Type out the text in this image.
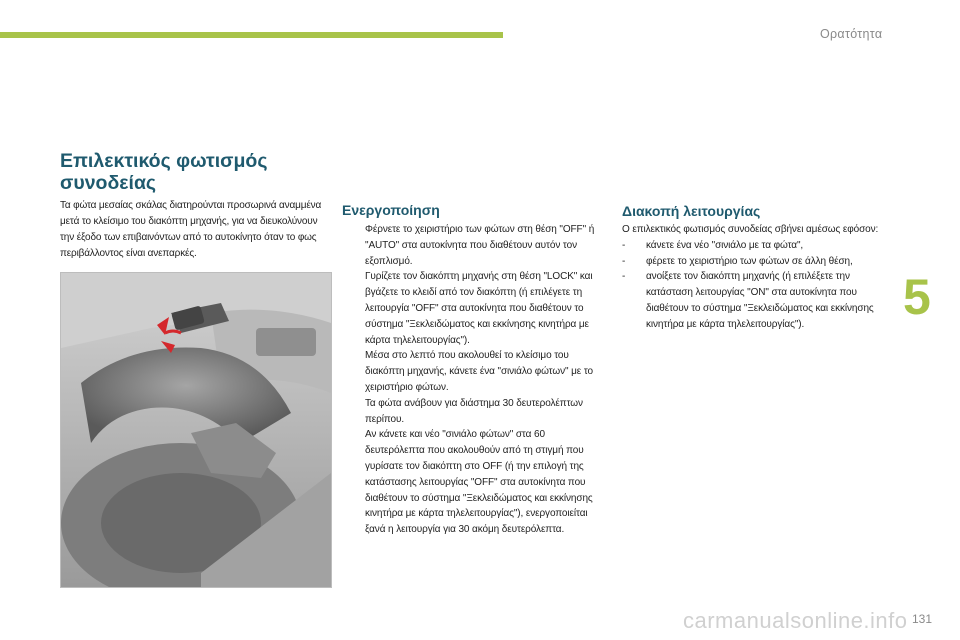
Ορατότητα
5
Επιλεκτικός φωτισμός συνοδείας
Τα φώτα μεσαίας σκάλας διατηρούνται προσωρινά αναμμένα μετά το κλείσιμο του διακόπτη μηχανής, για να διευκολύνουν την έξοδο των επιβαινόντων από το αυτοκίνητο όταν το φως περιβάλλοντος είναι ανεπαρκές.
Ενεργοποίηση
Φέρνετε το χειριστήριο των φώτων στη θέση "OFF" ή "AUTO" στα αυτοκίνητα που διαθέτουν αυτόν τον εξοπλισμό.
Γυρίζετε τον διακόπτη μηχανής στη θέση "LOCK" και βγάζετε το κλειδί από τον διακόπτη (ή επιλέγετε τη λειτουργία "OFF" στα αυτοκίνητα που διαθέτουν το σύστημα "Ξεκλειδώματος και εκκίνησης κινητήρα με κάρτα τηλελειτουργίας").
Μέσα στο λεπτό που ακολουθεί το κλείσιμο του διακόπτη μηχανής, κάνετε ένα "σινιάλο φώτων" με το χειριστήριο φώτων.
Τα φώτα ανάβουν για διάστημα 30 δευτερολέπτων περίπου.
Αν κάνετε και νέο "σινιάλο φώτων" στα 60 δευτερόλεπτα που ακολουθούν από τη στιγμή που γυρίσατε τον διακόπτη στο OFF (ή την επιλογή της κατάστασης λειτουργίας "OFF" στα αυτοκίνητα που διαθέτουν το σύστημα "Ξεκλειδώματος και εκκίνησης κινητήρα με κάρτα τηλελειτουργίας"), ενεργοποιείται ξανά η λειτουργία για 30 ακόμη δευτερόλεπτα.
Διακοπή λειτουργίας
Ο επιλεκτικός φωτισμός συνοδείας σβήνει αμέσως εφόσον:
- κάνετε ένα νέο "σινιάλο με τα φώτα",
- φέρετε το χειριστήριο των φώτων σε άλλη θέση,
- ανοίξετε τον διακόπτη μηχανής (ή επιλέξετε την κατάσταση λειτουργίας "ON" στα αυτοκίνητα που διαθέτουν το σύστημα "Ξεκλειδώματος και εκκίνησης κινητήρα με κάρτα τηλελειτουργίας").
carmanualsonline.info 131
